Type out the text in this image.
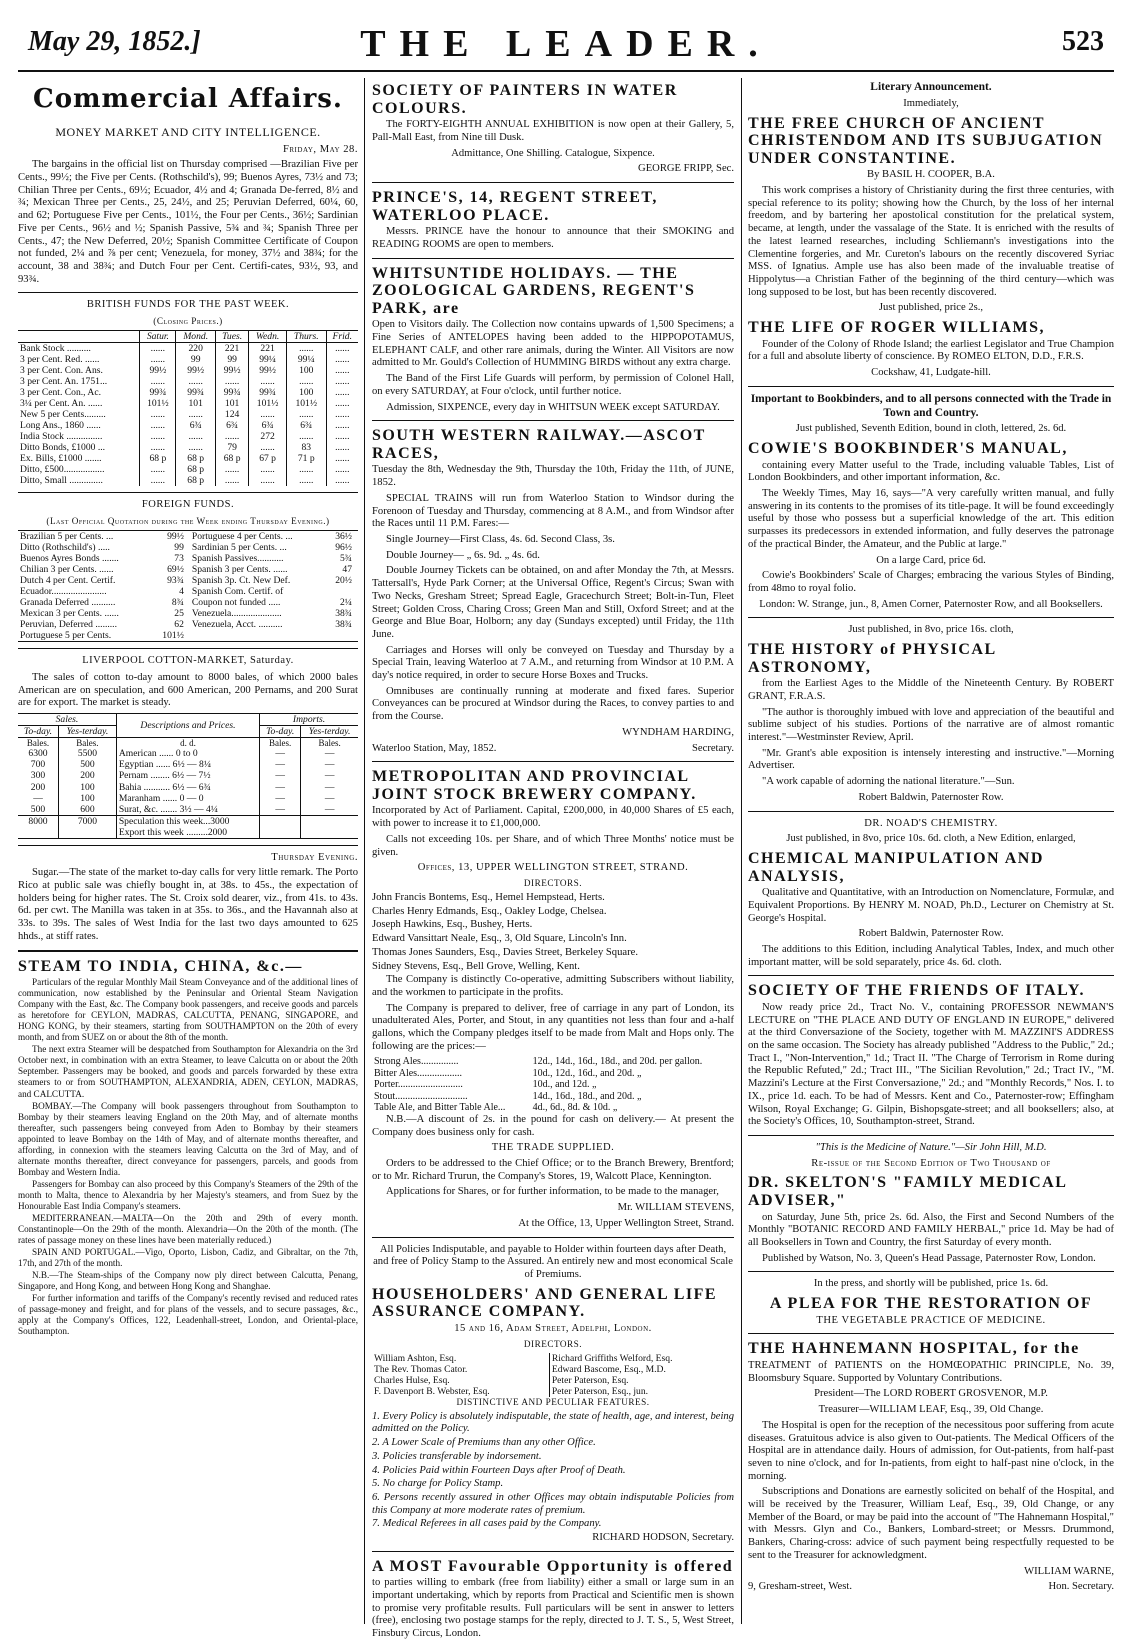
May 29, 1852.]	THE LEADER.	523
Commercial Affairs.
MONEY MARKET AND CITY INTELLIGENCE.

Friday, May 28.

The bargains in the official list on Thursday comprised —Brazilian Five per Cents., 99½; the Five per Cents. (Rothschild's), 99; Buenos Ayres, 73½ and 73; Chilian Three per Cents., 69½; Ecuador, 4½ and 4; Granada De-ferred, 8½ and ¾; Mexican Three per Cents., 25, 24½, and 25; Peruvian Deferred, 60¼, 60, and 62; Portuguese Five per Cents., 101½, the Four per Cents., 36½; Sardinian Five per Cents., 96½ and ½; Spanish Passive, 5¾ and ¾; Spanish Three per Cents., 47; the New Deferred, 20½; Spanish Committee Certificate of Coupon not funded, 2¼ and ⅞ per cent; Venezuela, for money, 37½ and 38¾; for the account, 38 and 38¾; and Dutch Four per Cent. Certifi-cates, 93½, 93, and 93¾.

BRITISH FUNDS FOR THE PAST WEEK.
(Closing Prices.)
	Satur.	Mond.	Tues.	Wedn.	Thurs.	Frid.
Bank Stock ..........	......	220	221	221	......	......
3 per Cent. Red. ......	......	99	99	99¼	99¼	......
3 per Cent. Con. Ans.	99½	99½	99½	99½	100	......
3 per Cent. An. 1751...	......	......	......	......	......	......
3 per Cent. Con., Ac.	99¾	99¾	99¾	99¾	100	......
3¼ per Cent. An. ......	101½	101	101	101½	101½	......
New 5 per Cents.........	......	......	124	......	......	......
Long Ans., 1860 ......	......	6¾	6¾	6¾	6¾	......
India Stock ...............	......	......	......	272	......	......
Ditto Bonds, £1000 ...	......	......	79	......	83	......
Ex. Bills, £1000 .......	68 p	68 p	68 p	67 p	71 p	......
Ditto, £500.................	......	68 p	......	......	......	......
Ditto, Small ..............	......	68 p	......	......	......	......
FOREIGN FUNDS.
(Last Official Quotation during the Week ending Thursday Evening.)
Brazilian 5 per Cents. ...	99½	Portuguese 4 per Cents. ...	36½
Ditto (Rothschild's) .....	99	Sardinian 5 per Cents. ...	96½
Buenos Ayres Bonds .......	73	Spanish Passives...........	5¾
Chilian 3 per Cents. ......	69½	Spanish 3 per Cents. ......	47
Dutch 4 per Cent. Certif.	93¾	Spanish 3p. Ct. New Def.	20½
Ecuador.......................	4	Spanish Com. Certif. of	
Granada Deferred ..........	8¾	Coupon not funded .....	2¼
Mexican 3 per Cents. ......	25	Venezuela.....................	38¾
Peruvian, Deferred .........	62	Venezuela, Acct. ..........	38¾
Portuguese 5 per Cents.	101½		
LIVERPOOL COTTON-MARKET, Saturday.

The sales of cotton to-day amount to 8000 bales, of which 2000 bales American are on speculation, and 600 American, 200 Pernams, and 200 Surat are for export. The market is steady.

Sales.		Descriptions and Prices.	Imports.	
To-day.	Yes-terday.		To-day.	Yes-terday.
Bales.	Bales.	d. d.	Bales.	Bales.
6300	5500	American ...... 0 to 0	—	—
700	500	Egyptian ...... 6½ — 8¼	—	—
300	200	Pernam ........ 6½ — 7½	—	—
200	100	Bahia ........... 6½ — 6¾	—	—
—	100	Maranham ...... 0 — 0	—	—
500	600	Surat, &c. ....... 3½ — 4¼	—	—
8000	7000	Speculation this week...3000		
		Export this week .........2000		

Thursday Evening.

Sugar.—The state of the market to-day calls for very little remark. The Porto Rico at public sale was chiefly bought in, at 38s. to 45s., the expectation of holders being for higher rates. The St. Croix sold dearer, viz., from 41s. to 43s. 6d. per cwt. The Manilla was taken in at 35s. to 36s., and the Havannah also at 33s. to 39s. The sales of West India for the last two days amounted to 625 hhds., at stiff rates.

STEAM TO INDIA, CHINA, &c.—

Particulars of the regular Monthly Mail Steam Conveyance and of the additional lines of communication, now established by the Peninsular and Oriental Steam Navigation Company with the East, &c. The Company book passengers, and receive goods and parcels as heretofore for CEYLON, MADRAS, CALCUTTA, PENANG, SINGAPORE, and HONG KONG, by their steamers, starting from SOUTHAMPTON on the 20th of every month, and from SUEZ on or about the 8th of the month.

The next extra Steamer will be despatched from Southampton for Alexandria on the 3rd October next, in combination with an extra Steamer, to leave Calcutta on or about the 20th September. Passengers may be booked, and goods and parcels forwarded by these extra steamers to or from SOUTHAMPTON, ALEXANDRIA, ADEN, CEYLON, MADRAS, and CALCUTTA.

BOMBAY.—The Company will book passengers throughout from Southampton to Bombay by their steamers leaving England on the 20th May, and of alternate months thereafter, such passengers being conveyed from Aden to Bombay by their steamers appointed to leave Bombay on the 14th of May, and of alternate months thereafter, and affording, in connexion with the steamers leaving Calcutta on the 3rd of May, and of alternate months thereafter, direct conveyance for passengers, parcels, and goods from Bombay and Western India.

Passengers for Bombay can also proceed by this Company's Steamers of the 29th of the month to Malta, thence to Alexandria by her Majesty's steamers, and from Suez by the Honourable East India Company's steamers.

MEDITERRANEAN.—MALTA—On the 20th and 29th of every month. Constantinople—On the 29th of the month. Alexandria—On the 20th of the month. (The rates of passage money on these lines have been materially reduced.)

SPAIN AND PORTUGAL.—Vigo, Oporto, Lisbon, Cadiz, and Gibraltar, on the 7th, 17th, and 27th of the month.

N.B.—The Steam-ships of the Company now ply direct between Calcutta, Penang, Singapore, and Hong Kong, and between Hong Kong and Shanghae.

For further information and tariffs of the Company's recently revised and reduced rates of passage-money and freight, and for plans of the vessels, and to secure passages, &c., apply at the Company's Offices, 122, Leadenhall-street, London, and Oriental-place, Southampton.

SOCIETY OF PAINTERS IN WATER COLOURS.

The FORTY-EIGHTH ANNUAL EXHIBITION is now open at their Gallery, 5, Pall-Mall East, from Nine till Dusk.

Admittance, One Shilling. Catalogue, Sixpence.

GEORGE FRIPP, Sec.

PRINCE'S, 14, REGENT STREET, WATERLOO PLACE.

Messrs. PRINCE have the honour to announce that their SMOKING and READING ROOMS are open to members.

WHITSUNTIDE HOLIDAYS. — THE ZOOLOGICAL GARDENS, REGENT'S PARK, are

Open to Visitors daily. The Collection now contains upwards of 1,500 Specimens; a Fine Series of ANTELOPES having been added to the HIPPOPOTAMUS, ELEPHANT CALF, and other rare animals, during the Winter. All Visitors are now admitted to Mr. Gould's Collection of HUMMING BIRDS without any extra charge.

The Band of the First Life Guards will perform, by permission of Colonel Hall, on every SATURDAY, at Four o'clock, until further notice.

Admission, SIXPENCE, every day in WHITSUN WEEK except SATURDAY.

SOUTH WESTERN RAILWAY.—ASCOT RACES,

Tuesday the 8th, Wednesday the 9th, Thursday the 10th, Friday the 11th, of JUNE, 1852.

SPECIAL TRAINS will run from Waterloo Station to Windsor during the Forenoon of Tuesday and Thursday, commencing at 8 A.M., and from Windsor after the Races until 11 P.M. Fares:—

Single Journey—First Class, 4s. 6d. Second Class, 3s.

Double Journey— „ 6s. 9d. „ 4s. 6d.

Double Journey Tickets can be obtained, on and after Monday the 7th, at Messrs. Tattersall's, Hyde Park Corner; at the Universal Office, Regent's Circus; Swan with Two Necks, Gresham Street; Spread Eagle, Gracechurch Street; Bolt-in-Tun, Fleet Street; Golden Cross, Charing Cross; Green Man and Still, Oxford Street; and at the George and Blue Boar, Holborn; any day (Sundays excepted) until Friday, the 11th June.

Carriages and Horses will only be conveyed on Tuesday and Thursday by a Special Train, leaving Waterloo at 7 A.M., and returning from Windsor at 10 P.M. A day's notice required, in order to secure Horse Boxes and Trucks.

Omnibuses are continually running at moderate and fixed fares. Superior Conveyances can be procured at Windsor during the Races, to convey parties to and from the Course.

WYNDHAM HARDING,

Waterloo Station, May, 1852.	Secretary.

METROPOLITAN AND PROVINCIAL JOINT STOCK BREWERY COMPANY.

Incorporated by Act of Parliament. Capital, £200,000, in 40,000 Shares of £5 each, with power to increase it to £1,000,000.

Calls not exceeding 10s. per Share, and of which Three Months' notice must be given.

Offices, 13, UPPER WELLINGTON STREET, STRAND.

DIRECTORS.

John Francis Bontems, Esq., Hemel Hempstead, Herts.

Charles Henry Edmands, Esq., Oakley Lodge, Chelsea.

Joseph Hawkins, Esq., Bushey, Herts.

Edward Vansittart Neale, Esq., 3, Old Square, Lincoln's Inn.

Thomas Jones Saunders, Esq., Davies Street, Berkeley Square.

Sidney Stevens, Esq., Bell Grove, Welling, Kent.

The Company is distinctly Co-operative, admitting Subscribers without liability, and the workmen to participate in the profits.

The Company is prepared to deliver, free of carriage in any part of London, its unadulterated Ales, Porter, and Stout, in any quantities not less than four and a-half gallons, which the Company pledges itself to be made from Malt and Hops only. The following are the prices:—

Strong Ales...............	12d., 14d., 16d., 18d., and 20d. per gallon.
Bitter Ales..................	10d., 12d., 16d., and 20d. „
Porter..........................	10d., and 12d. „
Stout.............................	14d., 16d., 18d., and 20d. „
Table Ale, and Bitter Table Ale...	4d., 6d., 8d. & 10d. „

N.B.—A discount of 2s. in the pound for cash on delivery.— At present the Company does business only for cash.

THE TRADE SUPPLIED.

Orders to be addressed to the Chief Office; or to the Branch Brewery, Brentford; or to Mr. Richard Trurun, the Company's Stores, 19, Walcott Place, Kennington.

Applications for Shares, or for further information, to be made to the manager,

Mr. WILLIAM STEVENS,

At the Office, 13, Upper Wellington Street, Strand.

All Policies Indisputable, and payable to Holder within fourteen days after Death, and free of Policy Stamp to the Assured. An entirely new and most economical Scale of Premiums.

HOUSEHOLDERS' AND GENERAL LIFE ASSURANCE COMPANY.

15 and 16, Adam Street, Adelphi, London.

DIRECTORS.

William Ashton, Esq.	Richard Griffiths Welford, Esq.
The Rev. Thomas Cator.	Edward Bascome, Esq., M.D.
Charles Hulse, Esq.	Peter Paterson, Esq.
F. Davenport B. Webster, Esq.	Peter Paterson, Esq., jun.

DISTINCTIVE AND PECULIAR FEATURES.

1. Every Policy is absolutely indisputable, the state of health, age, and interest, being admitted on the Policy.

2. A Lower Scale of Premiums than any other Office.

3. Policies transferable by indorsement.

4. Policies Paid within Fourteen Days after Proof of Death.

5. No charge for Policy Stamp.

6. Persons recently assured in other Offices may obtain indisputable Policies from this Company at more moderate rates of premium.

7. Medical Referees in all cases paid by the Company.

RICHARD HODSON, Secretary.

A MOST Favourable Opportunity is offered

to parties willing to embark (free from liability) either a small or large sum in an important undertaking, which by reports from Practical and Scientific men is shown to promise very profitable results. Full particulars will be sent in answer to letters (free), enclosing two postage stamps for the reply, directed to J. T. S., 5, West Street, Finsbury Circus, London.

Literary Announcement.

Immediately,

THE FREE CHURCH OF ANCIENT CHRISTENDOM AND ITS SUBJUGATION UNDER CONSTANTINE.

By BASIL H. COOPER, B.A.

This work comprises a history of Christianity during the first three centuries, with special reference to its polity; showing how the Church, by the loss of her internal freedom, and by bartering her apostolical constitution for the prelatical system, became, at length, under the vassalage of the State. It is enriched with the results of the latest learned researches, including Schliemann's investigations into the Clementine forgeries, and Mr. Cureton's labours on the recently discovered Syriac MSS. of Ignatius. Ample use has also been made of the invaluable treatise of Hippolytus—a Christian Father of the beginning of the third century—which was long supposed to be lost, but has been recently discovered.

Just published, price 2s.,

THE LIFE OF ROGER WILLIAMS,

Founder of the Colony of Rhode Island; the earliest Legislator and True Champion for a full and absolute liberty of conscience. By ROMEO ELTON, D.D., F.R.S.

Cockshaw, 41, Ludgate-hill.

Important to Bookbinders, and to all persons connected with the Trade in Town and Country.

Just published, Seventh Edition, bound in cloth, lettered, 2s. 6d.

COWIE'S BOOKBINDER'S MANUAL,

containing every Matter useful to the Trade, including valuable Tables, List of London Bookbinders, and other important information, &c.

The Weekly Times, May 16, says—"A very carefully written manual, and fully answering in its contents to the promises of its title-page. It will be found exceedingly useful by those who possess but a superficial knowledge of the art. This edition surpasses its predecessors in extended information, and fully deserves the patronage of the practical Binder, the Amateur, and the Public at large."

On a large Card, price 6d.

Cowie's Bookbinders' Scale of Charges; embracing the various Styles of Binding, from 48mo to royal folio.

London: W. Strange, jun., 8, Amen Corner, Paternoster Row, and all Booksellers.

Just published, in 8vo, price 16s. cloth,

THE HISTORY of PHYSICAL ASTRONOMY,

from the Earliest Ages to the Middle of the Nineteenth Century. By ROBERT GRANT, F.R.A.S.

"The author is thoroughly imbued with love and appreciation of the beautiful and sublime subject of his studies. Portions of the narrative are of almost romantic interest."—Westminster Review, April.

"Mr. Grant's able exposition is intensely interesting and instructive."—Morning Advertiser.

"A work capable of adorning the national literature."—Sun.

Robert Baldwin, Paternoster Row.

DR. NOAD'S CHEMISTRY.

Just published, in 8vo, price 10s. 6d. cloth, a New Edition, enlarged,

CHEMICAL MANIPULATION AND ANALYSIS,

Qualitative and Quantitative, with an Introduction on Nomenclature, Formulæ, and Equivalent Proportions. By HENRY M. NOAD, Ph.D., Lecturer on Chemistry at St. George's Hospital.

Robert Baldwin, Paternoster Row.

The additions to this Edition, including Analytical Tables, Index, and much other important matter, will be sold separately, price 4s. 6d. cloth.

SOCIETY OF THE FRIENDS OF ITALY.

Now ready price 2d., Tract No. V., containing PROFESSOR NEWMAN'S LECTURE on "THE PLACE AND DUTY OF ENGLAND IN EUROPE," delivered at the third Conversazione of the Society, together with M. MAZZINI'S ADDRESS on the same occasion. The Society has already published "Address to the Public," 2d.; Tract I., "Non-Intervention," 1d.; Tract II. "The Charge of Terrorism in Rome during the Republic Refuted," 2d.; Tract III., "The Sicilian Revolution," 2d.; Tract IV., "M. Mazzini's Lecture at the First Conversazione," 2d.; and "Monthly Records," Nos. I. to IX., price 1d. each. To be had of Messrs. Kent and Co., Paternoster-row; Effingham Wilson, Royal Exchange; G. Gilpin, Bishopsgate-street; and all booksellers; also, at the Society's Offices, 10, Southampton-street, Strand.

"This is the Medicine of Nature."—Sir John Hill, M.D.

Re-issue of the Second Edition of Two Thousand of

DR. SKELTON'S "FAMILY MEDICAL ADVISER,"

on Saturday, June 5th, price 2s. 6d. Also, the First and Second Numbers of the Monthly "BOTANIC RECORD AND FAMILY HERBAL," price 1d. May be had of all Booksellers in Town and Country, the first Saturday of every month.

Published by Watson, No. 3, Queen's Head Passage, Paternoster Row, London.

In the press, and shortly will be published, price 1s. 6d.

A PLEA FOR THE RESTORATION OF

THE VEGETABLE PRACTICE OF MEDICINE.

THE HAHNEMANN HOSPITAL, for the

TREATMENT of PATIENTS on the HOMŒOPATHIC PRINCIPLE, No. 39, Bloomsbury Square. Supported by Voluntary Contributions.

President—The LORD ROBERT GROSVENOR, M.P.

Treasurer—WILLIAM LEAF, Esq., 39, Old Change.

The Hospital is open for the reception of the necessitous poor suffering from acute diseases. Gratuitous advice is also given to Out-patients. The Medical Officers of the Hospital are in attendance daily. Hours of admission, for Out-patients, from half-past seven to nine o'clock, and for In-patients, from eight to half-past nine o'clock, in the morning.

Subscriptions and Donations are earnestly solicited on behalf of the Hospital, and will be received by the Treasurer, William Leaf, Esq., 39, Old Change, or any Member of the Board, or may be paid into the account of "The Hahnemann Hospital," with Messrs. Glyn and Co., Bankers, Lombard-street; or Messrs. Drummond, Bankers, Charing-cross: advice of such payment being respectfully requested to be sent to the Treasurer for acknowledgment.

WILLIAM WARNE,

9, Gresham-street, West.	Hon. Secretary.
